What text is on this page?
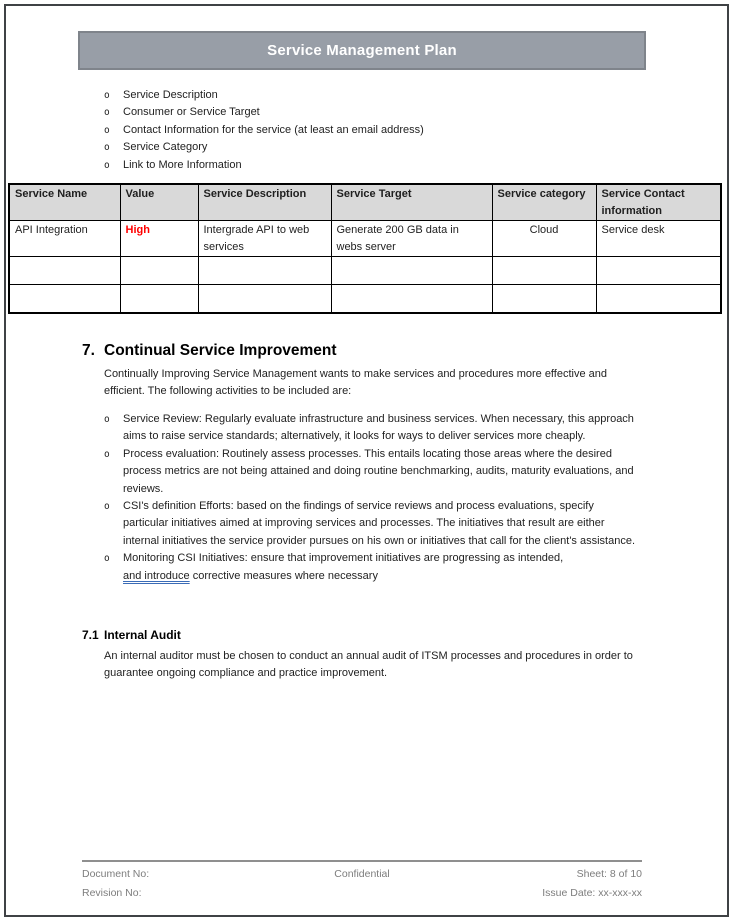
Service Management Plan
o Service Description
o Consumer or Service Target
o Contact Information for the service (at least an email address)
o Service Category
o Link to More Information
Service Name	Value	Service Description	Service Target	Service category	Service Contact information
API Integration	High	Intergrade API to web services	Generate 200 GB data in webs server	Cloud	Service desk

7. Continual Service Improvement
Continually Improving Service Management wants to make services and procedures more effective and efficient. The following activities to be included are:
o Service Review: Regularly evaluate infrastructure and business services. When necessary, this approach aims to raise service standards; alternatively, it looks for ways to deliver services more cheaply.
o Process evaluation: Routinely assess processes. This entails locating those areas where the desired process metrics are not being attained and doing routine benchmarking, audits, maturity evaluations, and reviews.
o CSI's definition Efforts: based on the findings of service reviews and process evaluations, specify particular initiatives aimed at improving services and processes. The initiatives that result are either internal initiatives the service provider pursues on his own or initiatives that call for the client's assistance.
o Monitoring CSI Initiatives: ensure that improvement initiatives are progressing as intended,
and introduce corrective measures where necessary
7.1 Internal Audit
An internal auditor must be chosen to conduct an annual audit of ITSM processes and procedures in order to guarantee ongoing compliance and practice improvement.
Document No:
Revision No:
Confidential	Sheet: 8 of 10
Issue Date: xx-xxx-xx
